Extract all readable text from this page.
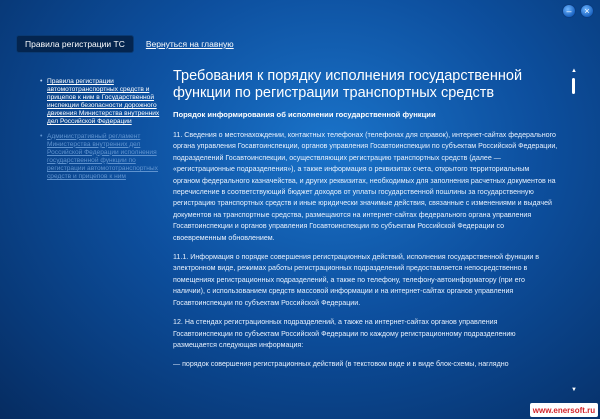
– ×
Правила регистрации ТС	Вернуться на главную
• Правила регистрации автомототранспортных средств и прицепов к ним в Государственной инспекции безопасности дорожного движения Министерства внутренних дел Российской Федерации
• Административный регламент Министерства внутренних дел Российской Федерации исполнения государственной функции по регистрации автомототранспортных средств и прицепов к ним
Требования к порядку исполнения государственной функции по регистрации транспортных средств
Порядок информирования об исполнении государственной функции

11. Сведения о местонахождении, контактных телефонах (телефонах для справок), интернет-сайтах федерального органа управления Госавтоинспекции, органов управления Госавтоинспекции по субъектам Российской Федерации, подразделений Госавтоинспекции, осуществляющих регистрацию транспортных средств (далее — «регистрационные подразделения»), а также информация о реквизитах счета, открытого территориальным органом федерального казначейства, и других реквизитах, необходимых для заполнения расчетных документов на перечисление в соответствующий бюджет доходов от уплаты государственной пошлины за государственную регистрацию транспортных средств и иные юридически значимые действия, связанные с изменениями и выдачей документов на транспортные средства, размещаются на интернет-сайтах федерального органа управления Госавтоинспекции и органов управления Госавтоинспекции по субъектам Российской Федерации со своевременным обновлением.

11.1. Информация о порядке совершения регистрационных действий, исполнения государственной функции в электронном виде, режимах работы регистрационных подразделений предоставляется непосредственно в помещениях регистрационных подразделений, а также по телефону, телефону-автоинформатору (при его наличии), с использованием средств массовой информации и на интернет-сайтах органов управления Госавтоинспекции по субъектам Российской Федерации.

12. На стендах регистрационных подразделений, а также на интернет-сайтах органов управления Госавтоинспекции по субъектам Российской Федерации по каждому регистрационному подразделению размещается следующая информация:

— порядок совершения регистрационных действий (в текстовом виде и в виде блок-схемы, наглядно

▲
▼
www.enersoft.ru
